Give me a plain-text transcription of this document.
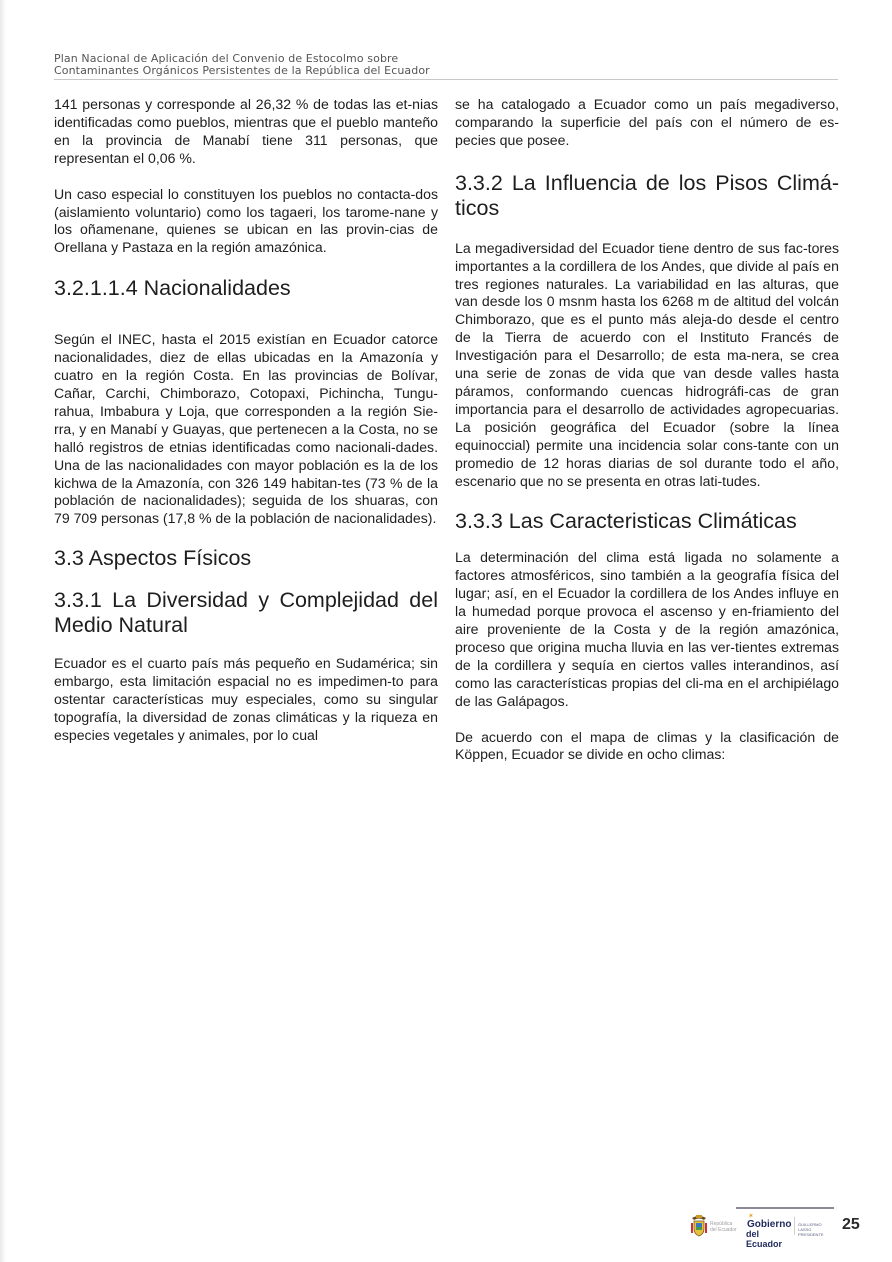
Plan Nacional de Aplicación del Convenio de Estocolmo sobre
Contaminantes Orgánicos Persistentes de la República del Ecuador

141 personas y corresponde al 26,32 % de todas las et-nias identificadas como pueblos, mientras que el pueblo manteño en la provincia de Manabí tiene 311 personas, que representan el 0,06 %.

Un caso especial lo constituyen los pueblos no contacta-dos (aislamiento voluntario) como los tagaeri, los tarome-nane y los oñamenane, quienes se ubican en las provin-cias de Orellana y Pastaza en la región amazónica.

3.2.1.1.4 Nacionalidades

Según el INEC, hasta el 2015 existían en Ecuador catorce nacionalidades, diez de ellas ubicadas en la Amazonía y cuatro en la región Costa. En las provincias de Bolívar, Cañar, Carchi, Chimborazo, Cotopaxi, Pichincha, Tungu-rahua, Imbabura y Loja, que corresponden a la región Sie-rra, y en Manabí y Guayas, que pertenecen a la Costa, no se halló registros de etnias identificadas como nacionali-dades. Una de las nacionalidades con mayor población es la de los kichwa de la Amazonía, con 326 149 habitan-tes (73 % de la población de nacionalidades); seguida de los shuaras, con 79 709 personas (17,8 % de la población de nacionalidades).

3.3 Aspectos Físicos
3.3.1 La Diversidad y Complejidad del Medio Natural

Ecuador es el cuarto país más pequeño en Sudamérica; sin embargo, esta limitación espacial no es impedimen-to para ostentar características muy especiales, como su singular topografía, la diversidad de zonas climáticas y la riqueza en especies vegetales y animales, por lo cual

se ha catalogado a Ecuador como un país megadiverso, comparando la superficie del país con el número de es-pecies que posee.

3.3.2 La Influencia de los Pisos Climá-ticos

La megadiversidad del Ecuador tiene dentro de sus fac-tores importantes a la cordillera de los Andes, que divide al país en tres regiones naturales. La variabilidad en las alturas, que van desde los 0 msnm hasta los 6268 m de altitud del volcán Chimborazo, que es el punto más aleja-do desde el centro de la Tierra de acuerdo con el Instituto Francés de Investigación para el Desarrollo; de esta ma-nera, se crea una serie de zonas de vida que van desde valles hasta páramos, conformando cuencas hidrográfi-cas de gran importancia para el desarrollo de actividades agropecuarias. La posición geográfica del Ecuador (sobre la línea equinoccial) permite una incidencia solar cons-tante con un promedio de 12 horas diarias de sol durante todo el año, escenario que no se presenta en otras lati-tudes.

3.3.3 Las Caracteristicas Climáticas

La determinación del clima está ligada no solamente a factores atmosféricos, sino también a la geografía física del lugar; así, en el Ecuador la cordillera de los Andes influye en la humedad porque provoca el ascenso y en-friamiento del aire proveniente de la Costa y de la región amazónica, proceso que origina mucha lluvia en las ver-tientes extremas de la cordillera y sequía en ciertos valles interandinos, así como las características propias del cli-ma en el archipiélago de las Galápagos.

De acuerdo con el mapa de climas y la clasificación de Köppen, Ecuador se divide en ocho climas:

República
del Ecuador
✶
Gobierno
del Ecuador
GUILLERMO LASSO PRESIDENTE
25
